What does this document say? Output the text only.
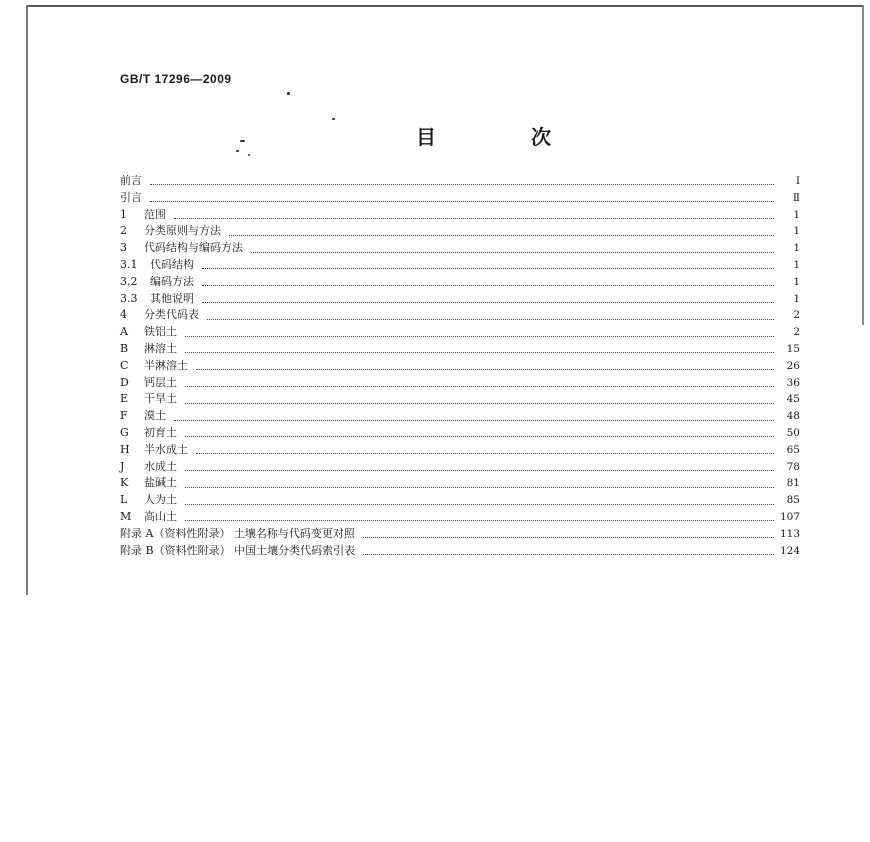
GB/T 17296—2009
目 次
前言	I
引言	Ⅱ
1	范围	1
2	分类原则与方法	1
3	代码结构与编码方法	1
3.1	代码结构	1
3.2	编码方法	1
3.3	其他说明	1
4	分类代码表	2
A	铁铝土	2
B	淋溶土	15
C	半淋溶土	26
D	钙层土	36
E	干旱土	45
F	漠土	48
G	初育土	50
H	半水成土	65
J	水成土	78
K	盐碱土	81
L	人为土	85
M	高山土	107
附录 A（资料性附录） 土壤名称与代码变更对照	113
附录 B（资料性附录） 中国土壤分类代码索引表	124
